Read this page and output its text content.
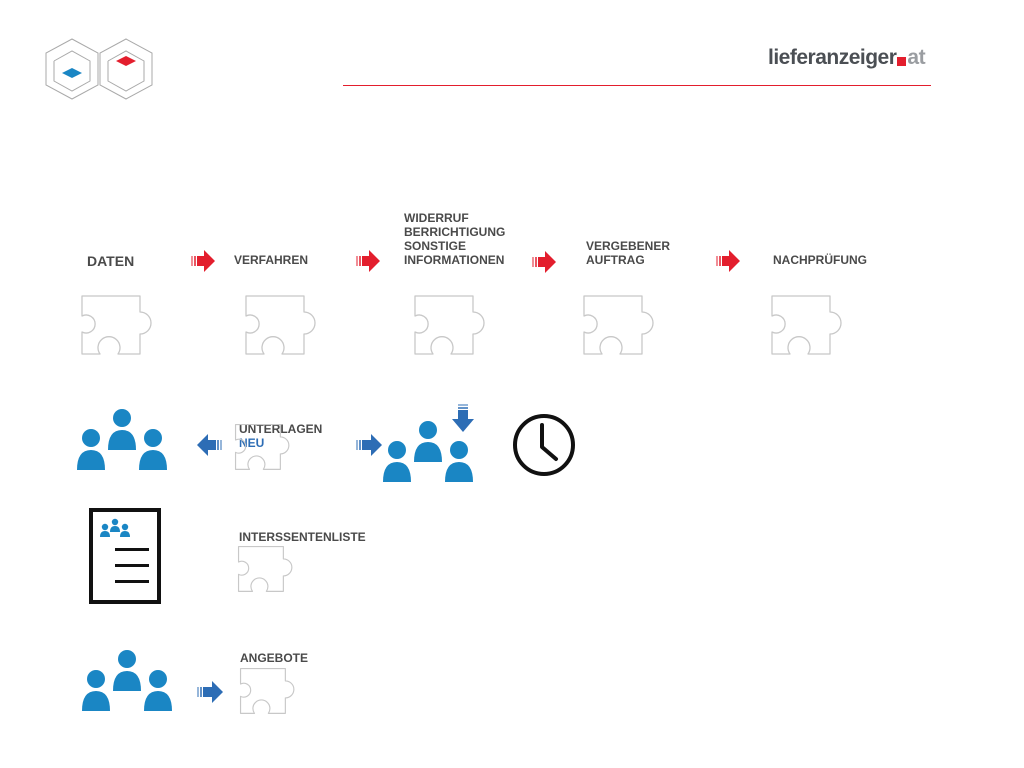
lieferanzeiger at
DATEN	VERFAHREN
WIDERRUF
BERRICHTIGUNG
SONSTIGE
INFORMATIONEN
VERGEBENER
AUFTRAG	NACHPRÜFUNG

UNTERLAGEN
NEU

INTERSSENTENLISTE
ANGEBOTE
